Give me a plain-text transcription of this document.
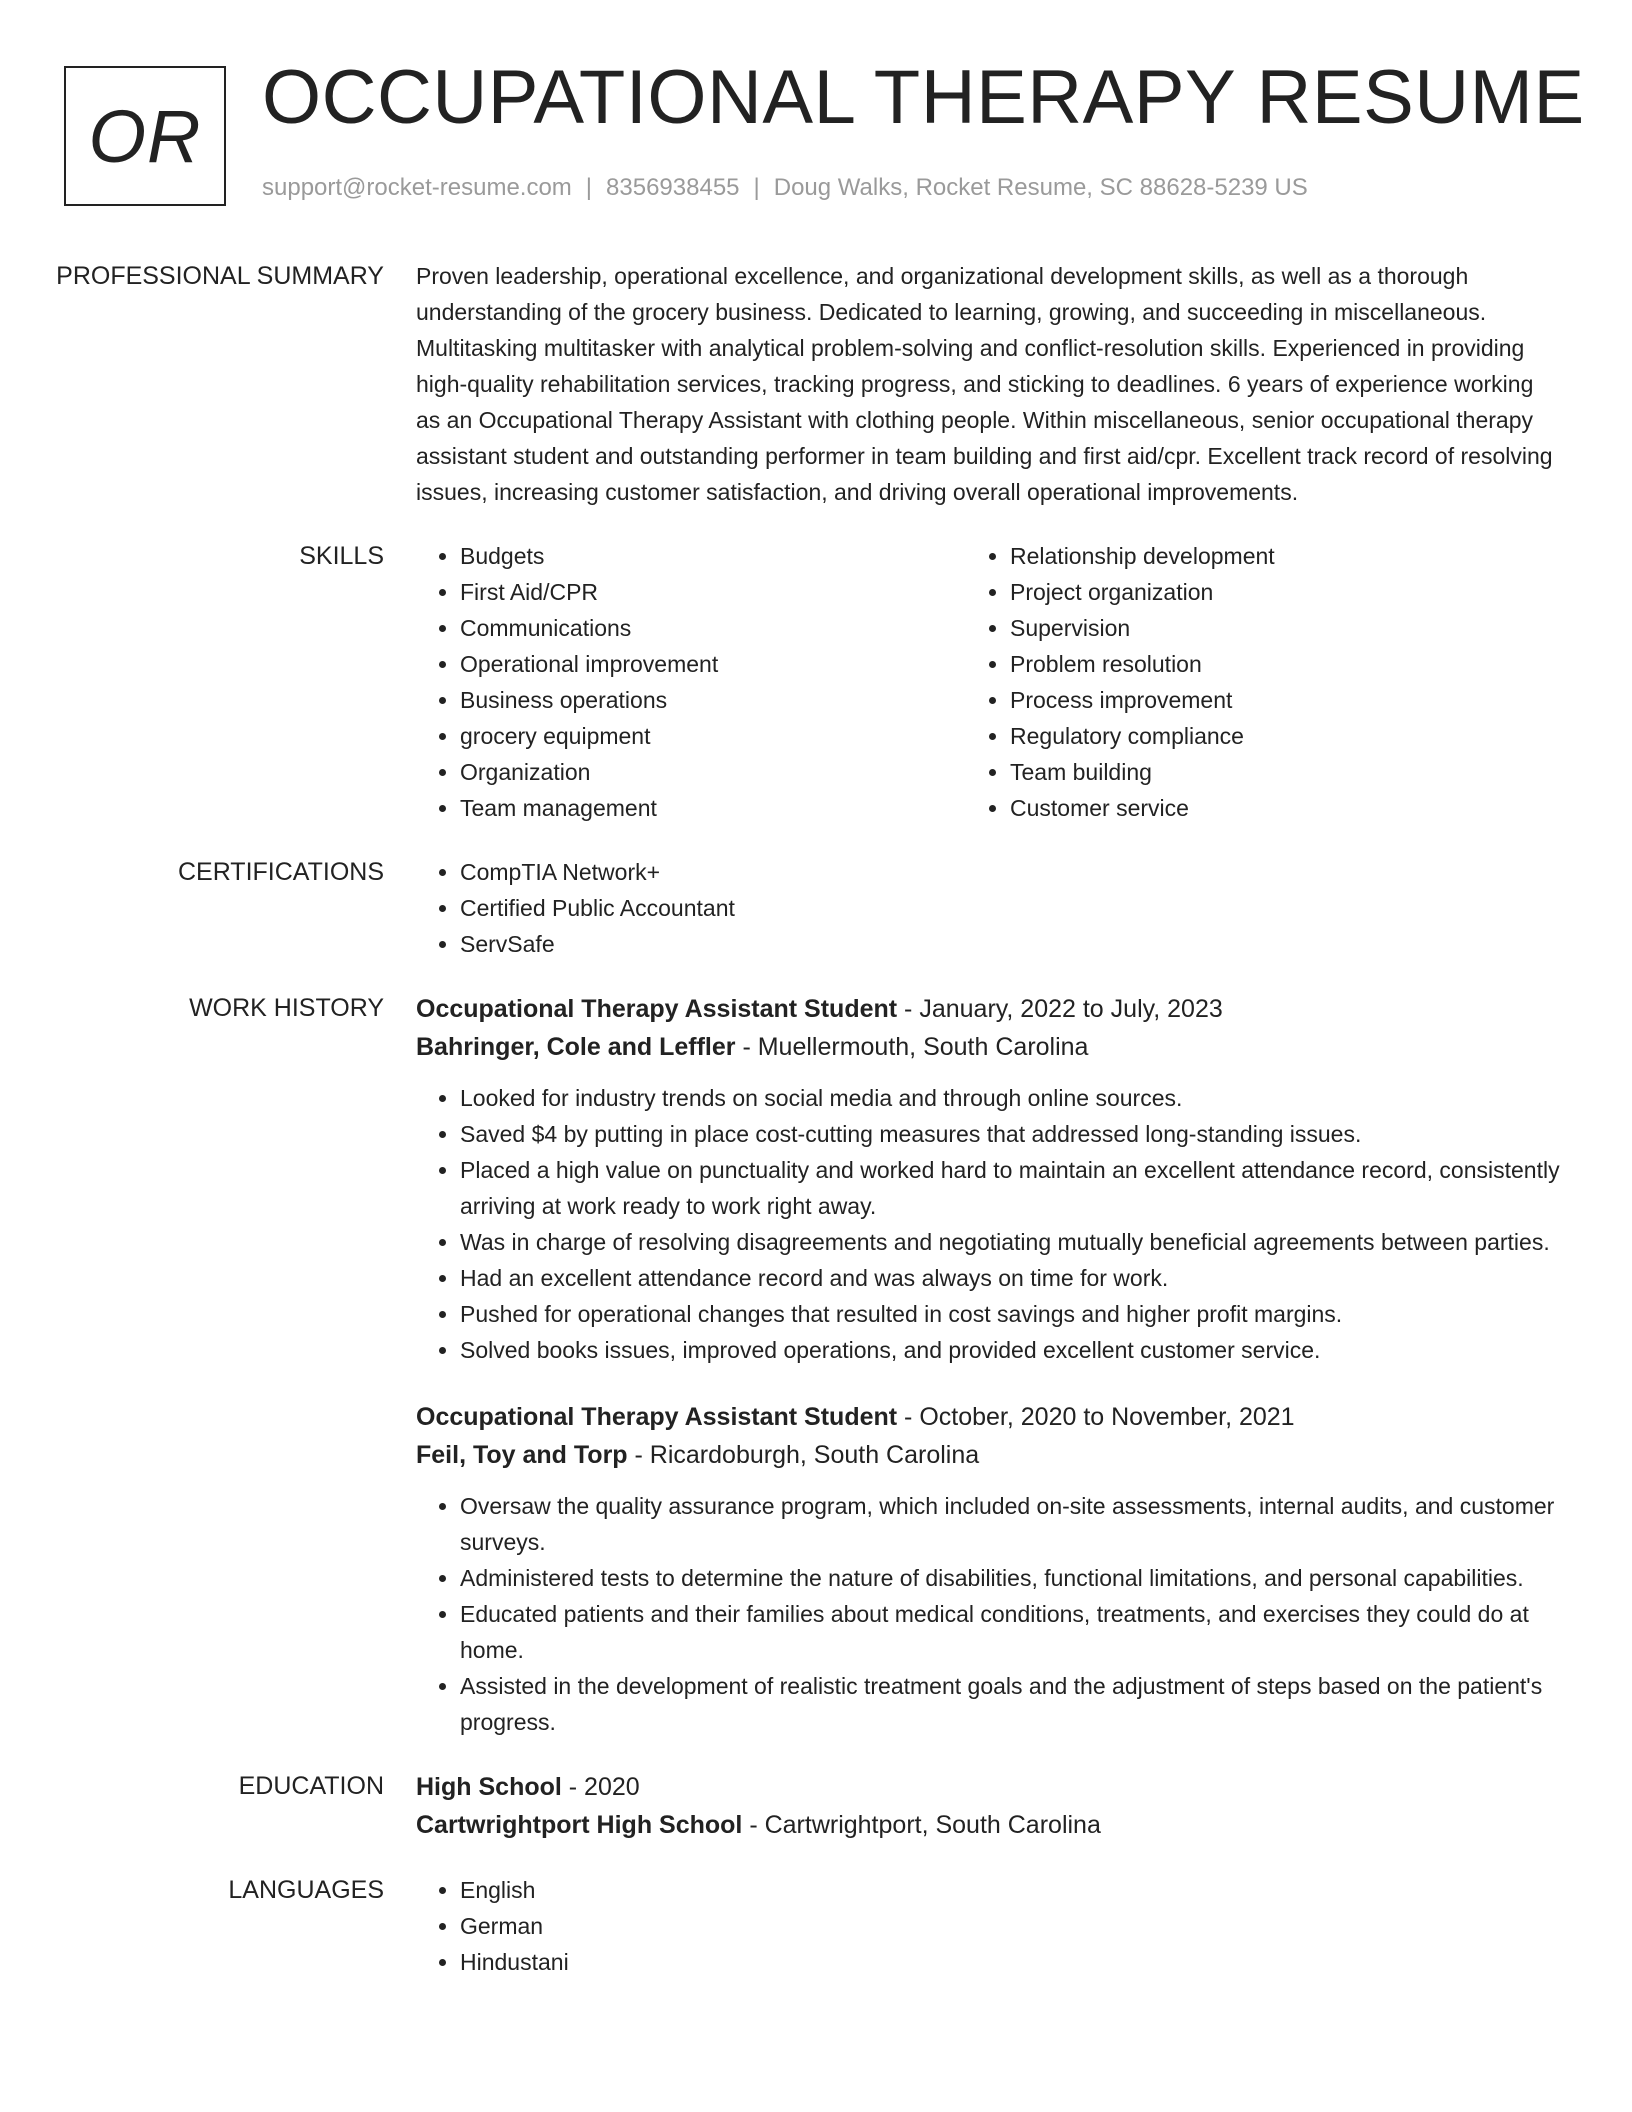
OR OCCUPATIONAL THERAPY RESUME
support@rocket-resume.com | 8356938455 | Doug Walks, Rocket Resume, SC 88628-5239 US
PROFESSIONAL SUMMARY	Proven leadership, operational excellence, and organizational development skills, as well as a thorough understanding of the grocery business. Dedicated to learning, growing, and succeeding in miscellaneous. Multitasking multitasker with analytical problem-solving and conflict-resolution skills. Experienced in providing high-quality rehabilitation services, tracking progress, and sticking to deadlines. 6 years of experience working as an Occupational Therapy Assistant with clothing people. Within miscellaneous, senior occupational therapy assistant student and outstanding performer in team building and first aid/cpr. Excellent track record of resolving issues, increasing customer satisfaction, and driving overall operational improvements.
SKILLS	• Budgets
• First Aid/CPR
• Communications
• Operational improvement
• Business operations
• grocery equipment
• Organization
• Team management
• Relationship development
• Project organization
• Supervision
• Problem resolution
• Process improvement
• Regulatory compliance
• Team building
• Customer service
CERTIFICATIONS	• CompTIA Network+
• Certified Public Accountant
• ServSafe
WORK HISTORY	Occupational Therapy Assistant Student - January, 2022 to July, 2023
Bahringer, Cole and Leffler - Muellermouth, South Carolina
• Looked for industry trends on social media and through online sources.
• Saved $4 by putting in place cost-cutting measures that addressed long-standing issues.
• Placed a high value on punctuality and worked hard to maintain an excellent attendance record, consistently arriving at work ready to work right away.
• Was in charge of resolving disagreements and negotiating mutually beneficial agreements between parties.
• Had an excellent attendance record and was always on time for work.
• Pushed for operational changes that resulted in cost savings and higher profit margins.
• Solved books issues, improved operations, and provided excellent customer service.
Occupational Therapy Assistant Student - October, 2020 to November, 2021
Feil, Toy and Torp - Ricardoburgh, South Carolina
• Oversaw the quality assurance program, which included on-site assessments, internal audits, and customer surveys.
• Administered tests to determine the nature of disabilities, functional limitations, and personal capabilities.
• Educated patients and their families about medical conditions, treatments, and exercises they could do at home.
• Assisted in the development of realistic treatment goals and the adjustment of steps based on the patient's progress.
EDUCATION	High School - 2020
Cartwrightport High School - Cartwrightport, South Carolina
LANGUAGES	• English
• German
• Hindustani
